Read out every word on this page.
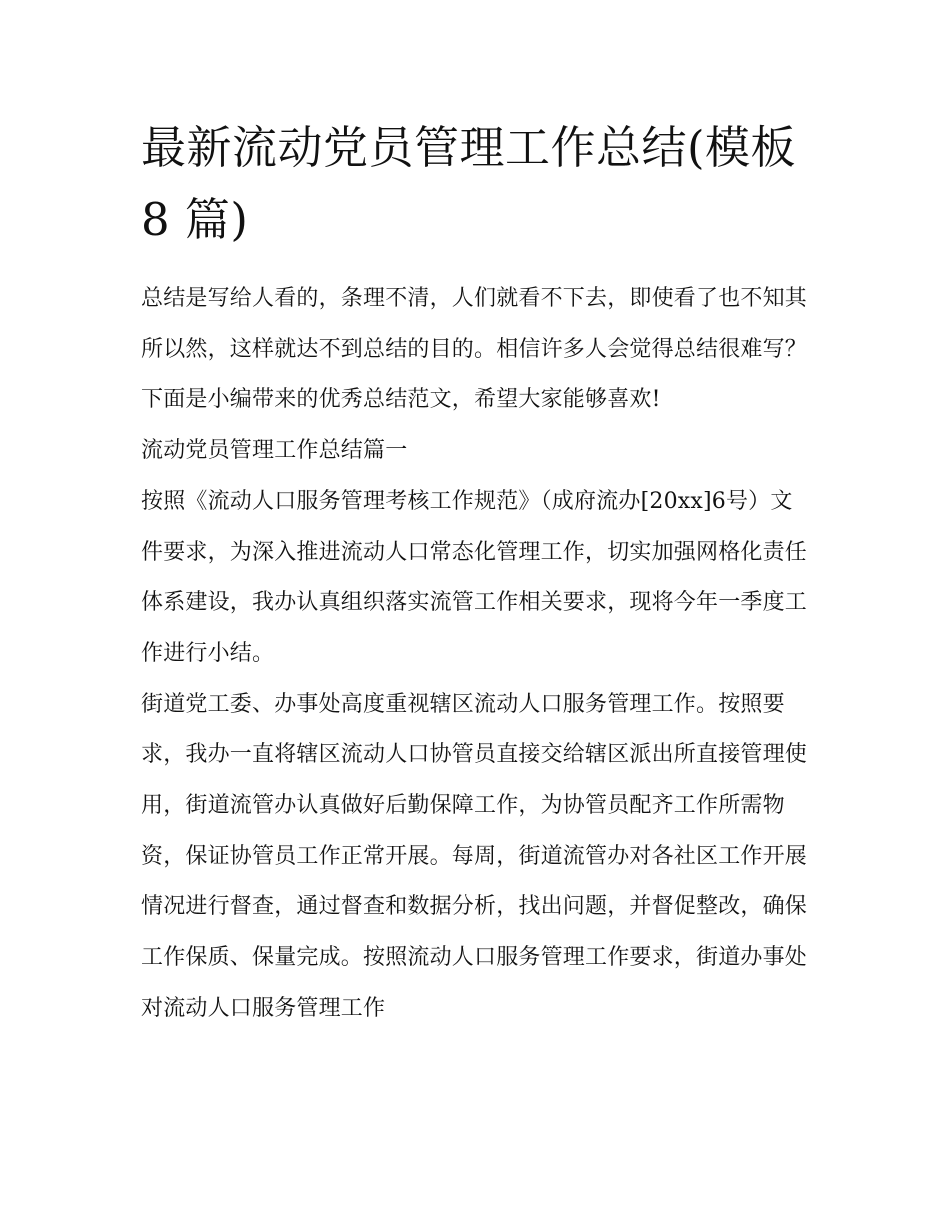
最新流动党员管理工作总结(模板 8 篇)

总结是写给人看的，条理不清，人们就看不下去，即使看了也不知其所以然，这样就达不到总结的目的。相信许多人会觉得总结很难写？下面是小编带来的优秀总结范文，希望大家能够喜欢!

流动党员管理工作总结篇一

按照《流动人口服务管理考核工作规范》（成府流办[20xx]6号）文件要求，为深入推进流动人口常态化管理工作，切实加强网格化责任体系建设，我办认真组织落实流管工作相关要求，现将今年一季度工作进行小结。

街道党工委、办事处高度重视辖区流动人口服务管理工作。按照要求，我办一直将辖区流动人口协管员直接交给辖区派出所直接管理使用，街道流管办认真做好后勤保障工作，为协管员配齐工作所需物资，保证协管员工作正常开展。每周，街道流管办对各社区工作开展情况进行督查，通过督查和数据分析，找出问题，并督促整改，确保工作保质、保量完成。按照流动人口服务管理工作要求，街道办事处对流动人口服务管理工作
